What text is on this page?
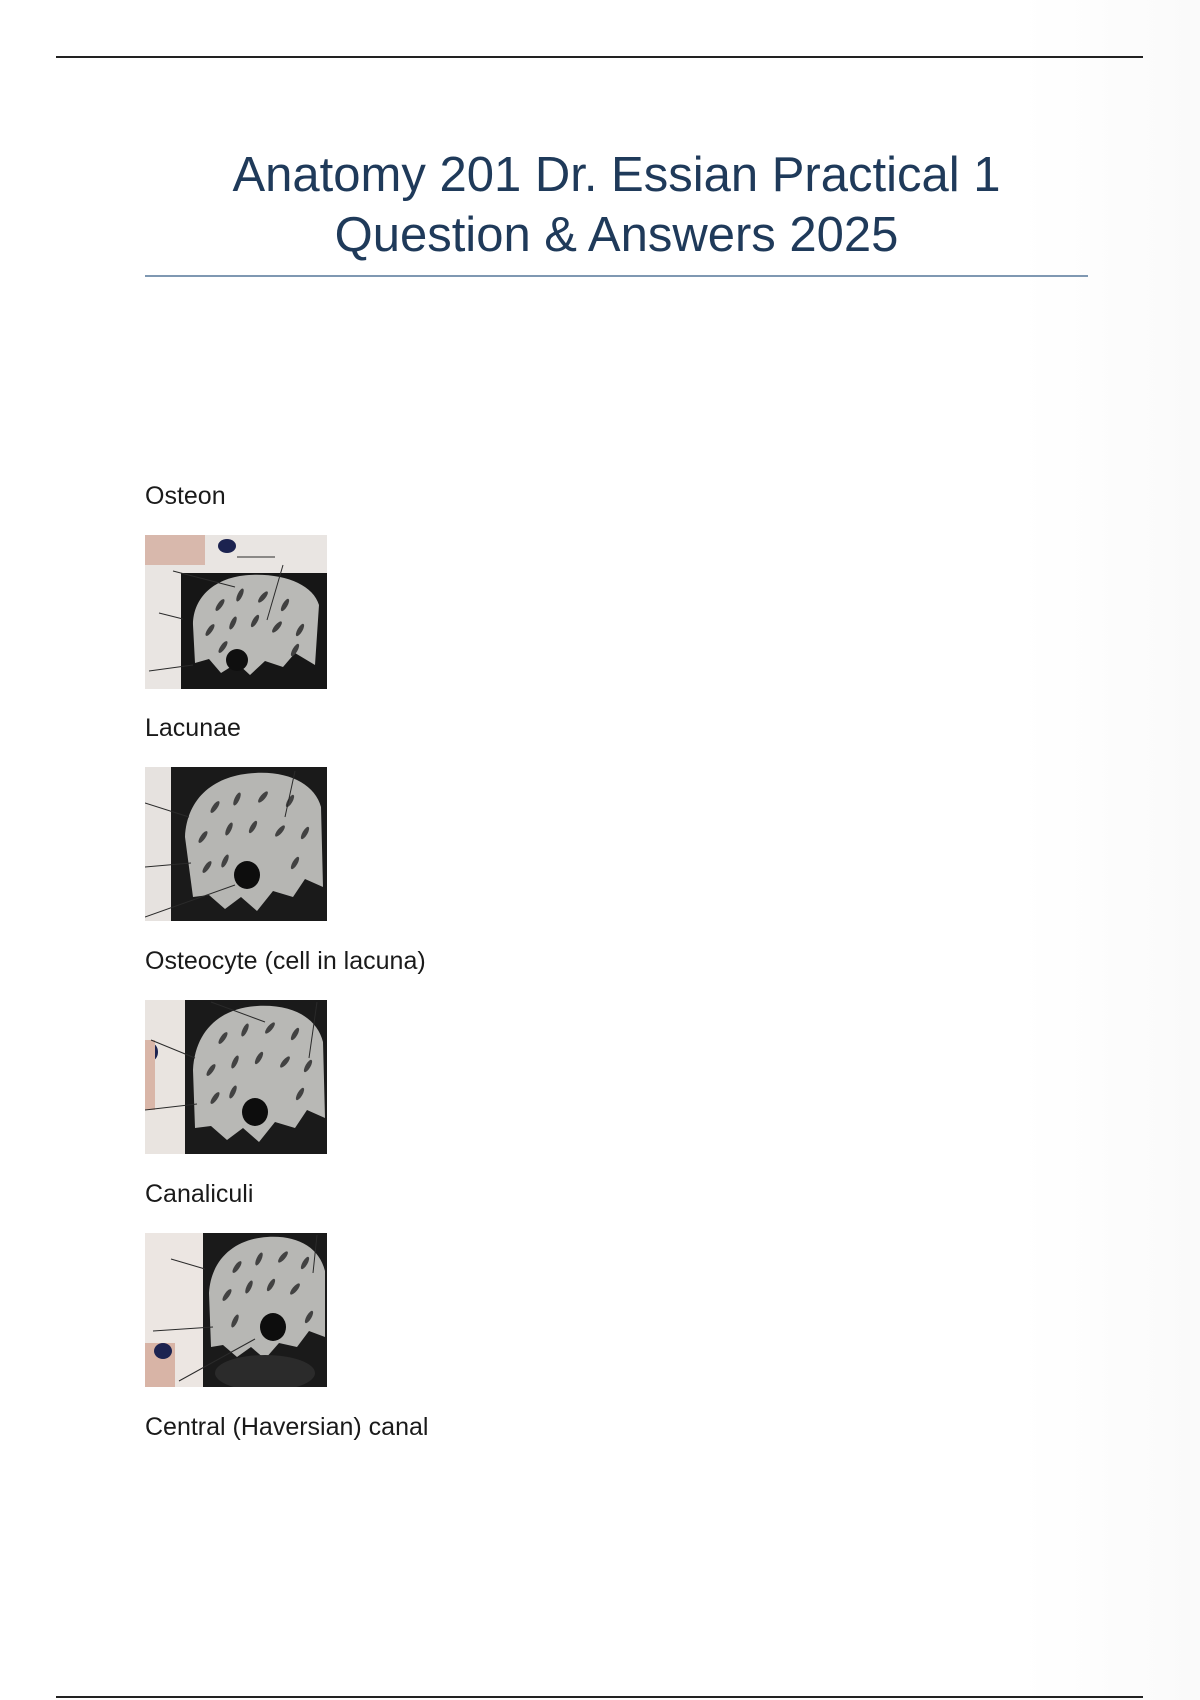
Anatomy 201 Dr. Essian Practical 1
Question & Answers 2025
Osteon
Lacunae
Osteocyte (cell in lacuna)
Canaliculi
Central (Haversian) canal
